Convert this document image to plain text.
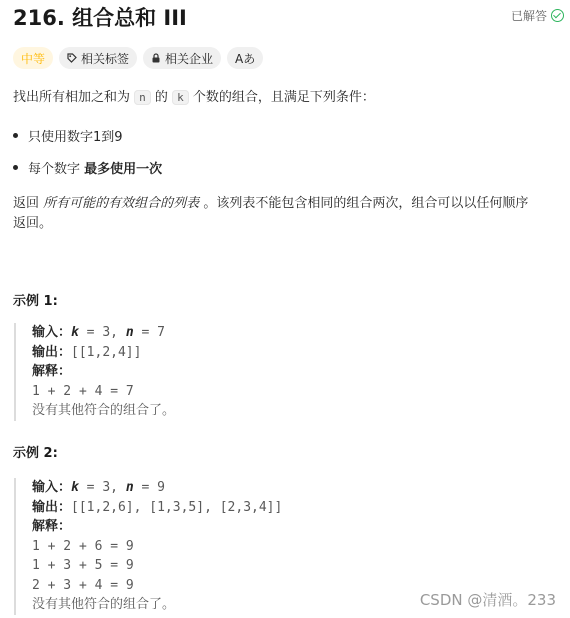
216. 组合总和 III	已解答
中等	相关标签	相关企业 Aあ
找出所有相加之和为 n 的 k 个数的组合，且满足下列条件：
只使用数字1到9
每个数字 最多使用一次
返回 所有可能的有效组合的列表 。该列表不能包含相同的组合两次，组合可以以任何顺序
返回。
示例 1:
输入：k = 3, n = 7
输出：[[1,2,4]]
解释：
1 + 2 + 4 = 7
没有其他符合的组合了。
示例 2:
输入：k = 3, n = 9
输出：[[1,2,6], [1,3,5], [2,3,4]]
解释：
1 + 2 + 6 = 9
1 + 3 + 5 = 9
2 + 3 + 4 = 9
没有其他符合的组合了。	CSDN @清酒。233
